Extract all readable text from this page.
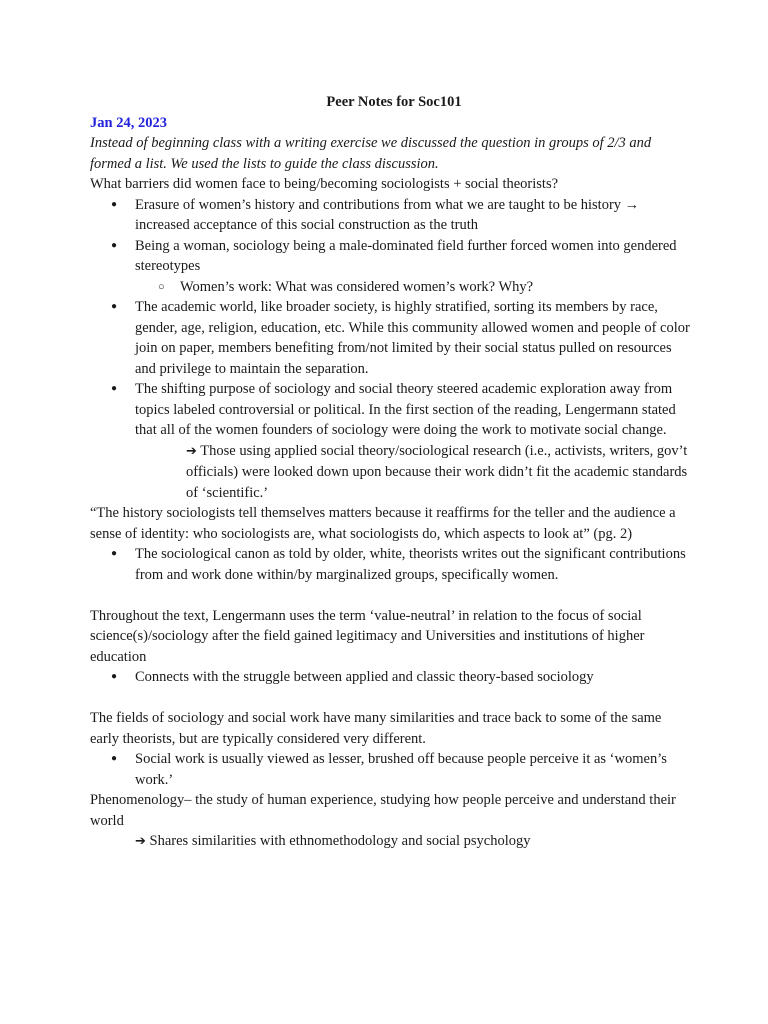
Peer Notes for Soc101

Jan 24, 2023
Instead of beginning class with a writing exercise we discussed the question in groups of 2/3 and formed a list. We used the lists to guide the class discussion.
What barriers did women face to being/becoming sociologists + social theorists?
● Erasure of women’s history and contributions from what we are taught to be history → increased acceptance of this social construction as the truth
● Being a woman, sociology being a male-dominated field further forced women into gendered stereotypes
○ Women’s work: What was considered women’s work? Why?
● The academic world, like broader society, is highly stratified, sorting its members by race, gender, age, religion, education, etc. While this community allowed women and people of color join on paper, members benefiting from/not limited by their social status pulled on resources and privilege to maintain the separation.
● The shifting purpose of sociology and social theory steered academic exploration away from topics labeled controversial or political. In the first section of the reading, Lengermann stated that all of the women founders of sociology were doing the work to motivate social change.
➔ Those using applied social theory/sociological research (i.e., activists, writers, gov’t officials) were looked down upon because their work didn’t fit the academic standards of ‘scientific.’
“The history sociologists tell themselves matters because it reaffirms for the teller and the audience a sense of identity: who sociologists are, what sociologists do, which aspects to look at” (pg. 2)
● The sociological canon as told by older, white, theorists writes out the significant contributions from and work done within/by marginalized groups, specifically women.
Throughout the text, Lengermann uses the term ‘value-neutral’ in relation to the focus of social science(s)/sociology after the field gained legitimacy and Universities and institutions of higher education
● Connects with the struggle between applied and classic theory-based sociology
The fields of sociology and social work have many similarities and trace back to some of the same early theorists, but are typically considered very different.
● Social work is usually viewed as lesser, brushed off because people perceive it as ‘women’s work.’
Phenomenology– the study of human experience, studying how people perceive and understand their world
➔ Shares similarities with ethnomethodology and social psychology
